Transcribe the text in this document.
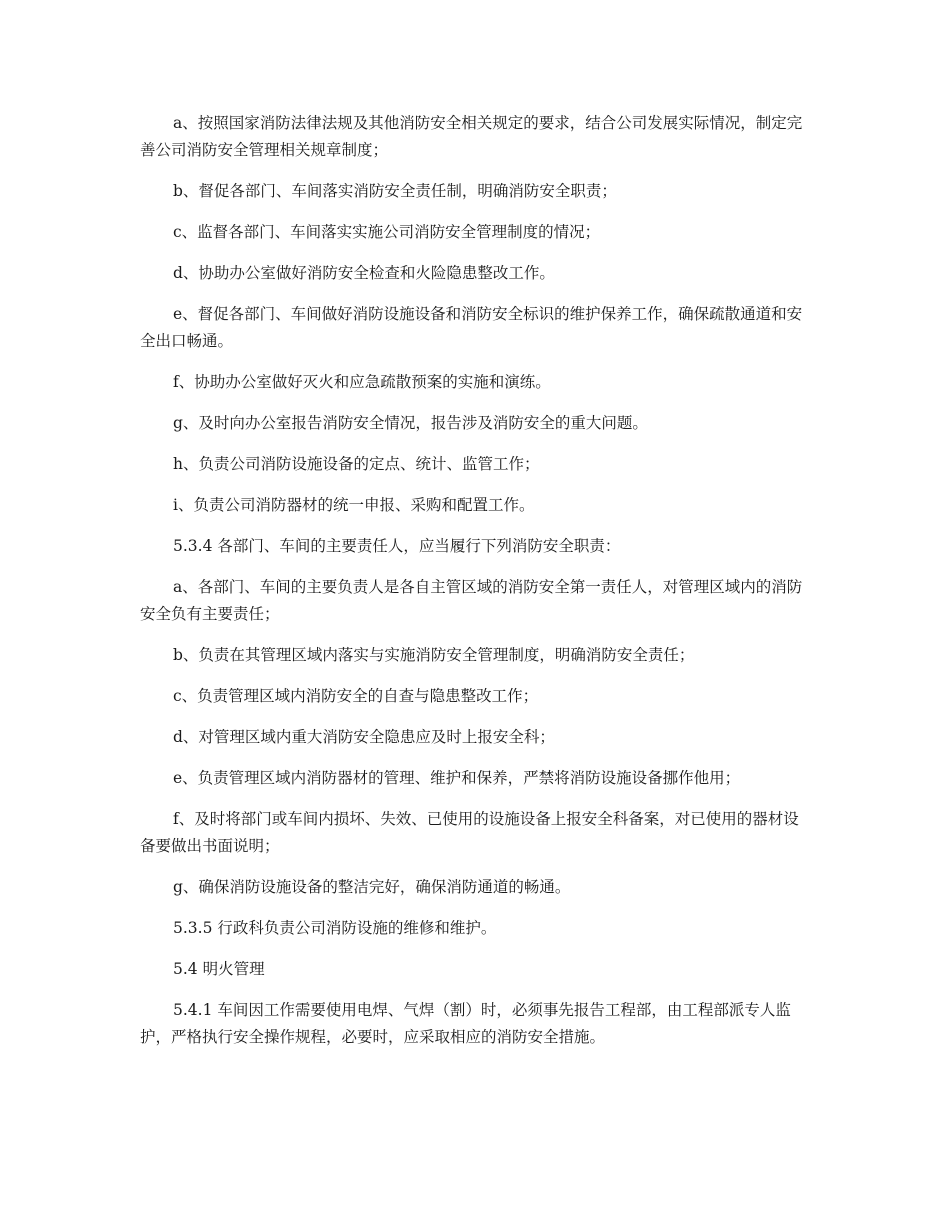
a、按照国家消防法律法规及其他消防安全相关规定的要求，结合公司发展实际情况，制定完善公司消防安全管理相关规章制度；

b、督促各部门、车间落实消防安全责任制，明确消防安全职责；

c、监督各部门、车间落实实施公司消防安全管理制度的情况；

d、协助办公室做好消防安全检查和火险隐患整改工作。

e、督促各部门、车间做好消防设施设备和消防安全标识的维护保养工作，确保疏散通道和安全出口畅通。

f、协助办公室做好灭火和应急疏散预案的实施和演练。

g、及时向办公室报告消防安全情况，报告涉及消防安全的重大问题。

h、负责公司消防设施设备的定点、统计、监管工作；

i、负责公司消防器材的统一申报、采购和配置工作。

5.3.4 各部门、车间的主要责任人，应当履行下列消防安全职责：

a、各部门、车间的主要负责人是各自主管区域的消防安全第一责任人，对管理区域内的消防安全负有主要责任；

b、负责在其管理区域内落实与实施消防安全管理制度，明确消防安全责任；

c、负责管理区域内消防安全的自查与隐患整改工作；

d、对管理区域内重大消防安全隐患应及时上报安全科；

e、负责管理区域内消防器材的管理、维护和保养，严禁将消防设施设备挪作他用；

f、及时将部门或车间内损坏、失效、已使用的设施设备上报安全科备案，对已使用的器材设备要做出书面说明；

g、确保消防设施设备的整洁完好，确保消防通道的畅通。

5.3.5 行政科负责公司消防设施的维修和维护。

5.4 明火管理

5.4.1 车间因工作需要使用电焊、气焊（割）时，必须事先报告工程部，由工程部派专人监护，严格执行安全操作规程，必要时，应采取相应的消防安全措施。
